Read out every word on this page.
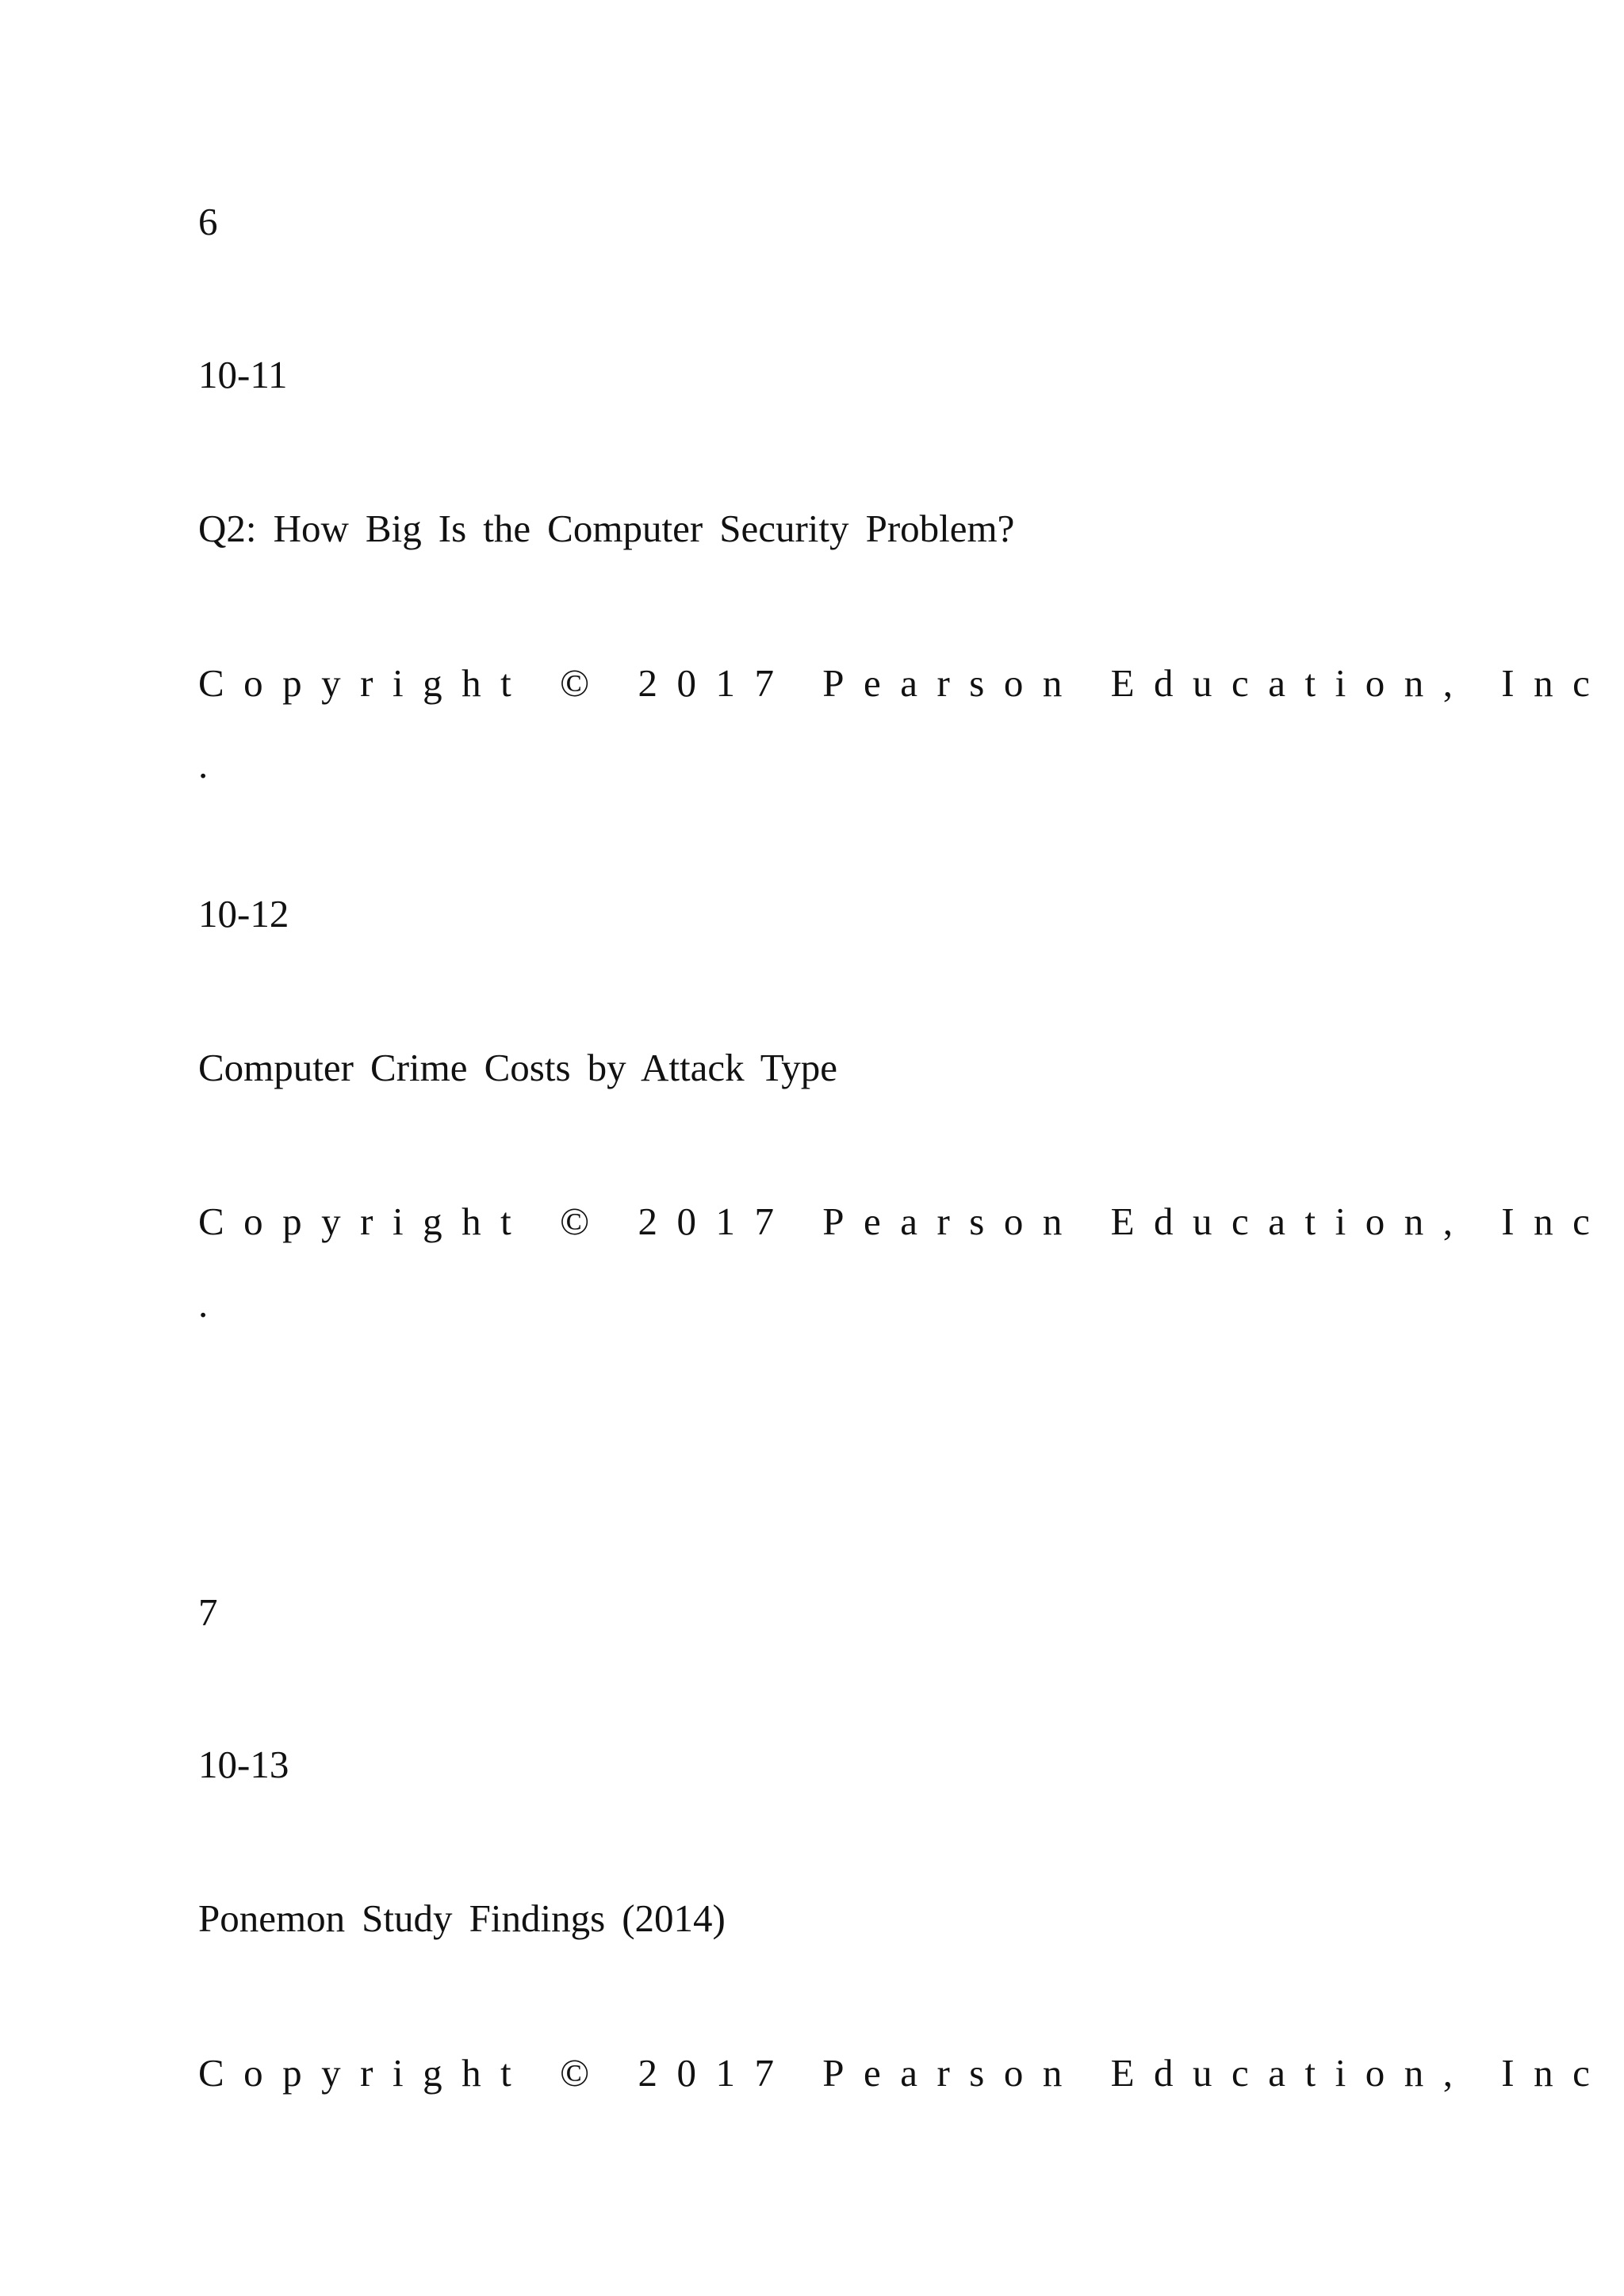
6
10-11
Q2: How Big Is the Computer Security Problem?
Copyright © 2017 Pearson Education, Inc
.
10-12
Computer Crime Costs by Attack Type
Copyright © 2017 Pearson Education, Inc
.
7
10-13
Ponemon Study Findings (2014)
Copyright © 2017 Pearson Education, Inc
